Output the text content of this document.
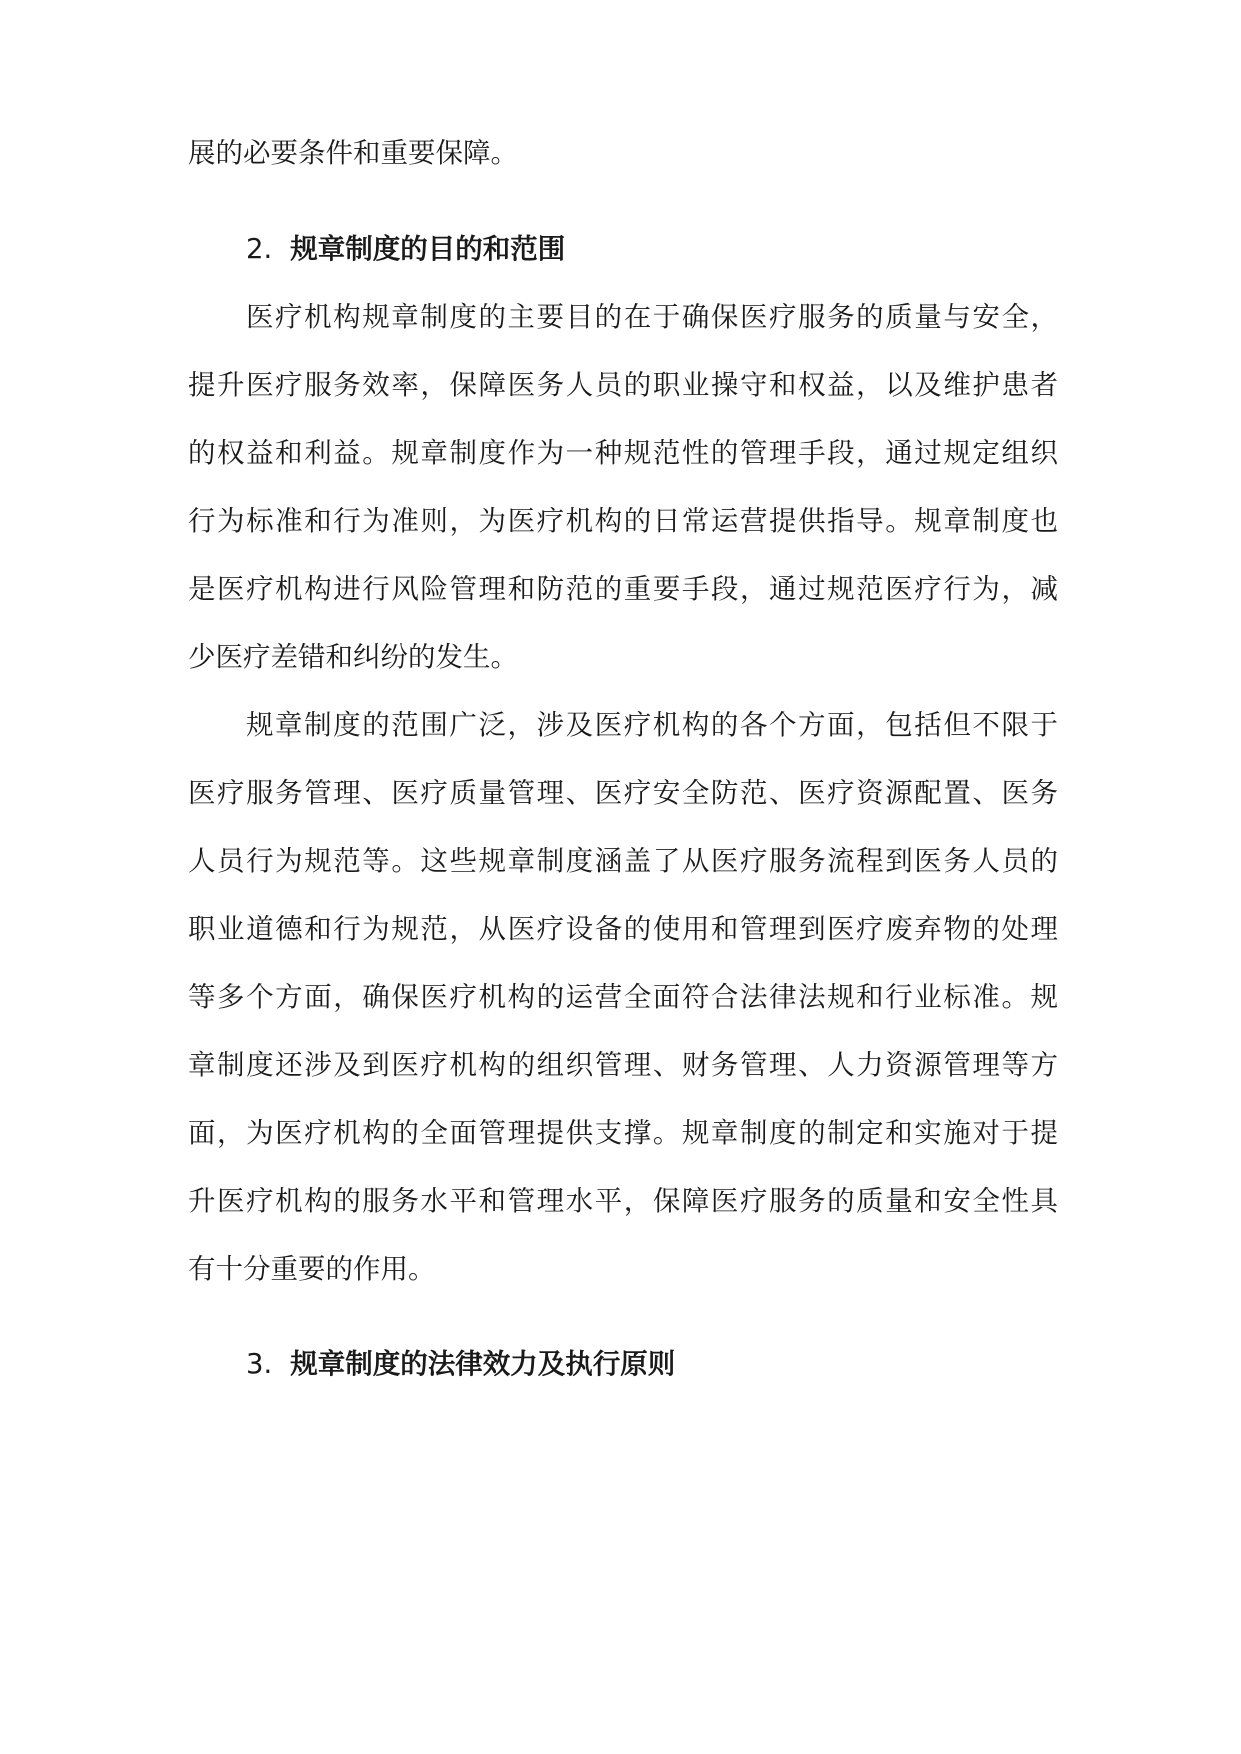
展的必要条件和重要保障。

2. 规章制度的目的和范围

医疗机构规章制度的主要目的在于确保医疗服务的质量与安全，

提升医疗服务效率，保障医务人员的职业操守和权益，以及维护患者

的权益和利益。规章制度作为一种规范性的管理手段，通过规定组织

行为标准和行为准则，为医疗机构的日常运营提供指导。规章制度也

是医疗机构进行风险管理和防范的重要手段，通过规范医疗行为，减

少医疗差错和纠纷的发生。

规章制度的范围广泛，涉及医疗机构的各个方面，包括但不限于

医疗服务管理、医疗质量管理、医疗安全防范、医疗资源配置、医务

人员行为规范等。这些规章制度涵盖了从医疗服务流程到医务人员的

职业道德和行为规范，从医疗设备的使用和管理到医疗废弃物的处理

等多个方面，确保医疗机构的运营全面符合法律法规和行业标准。规

章制度还涉及到医疗机构的组织管理、财务管理、人力资源管理等方

面，为医疗机构的全面管理提供支撑。规章制度的制定和实施对于提

升医疗机构的服务水平和管理水平，保障医疗服务的质量和安全性具

有十分重要的作用。

3. 规章制度的法律效力及执行原则
